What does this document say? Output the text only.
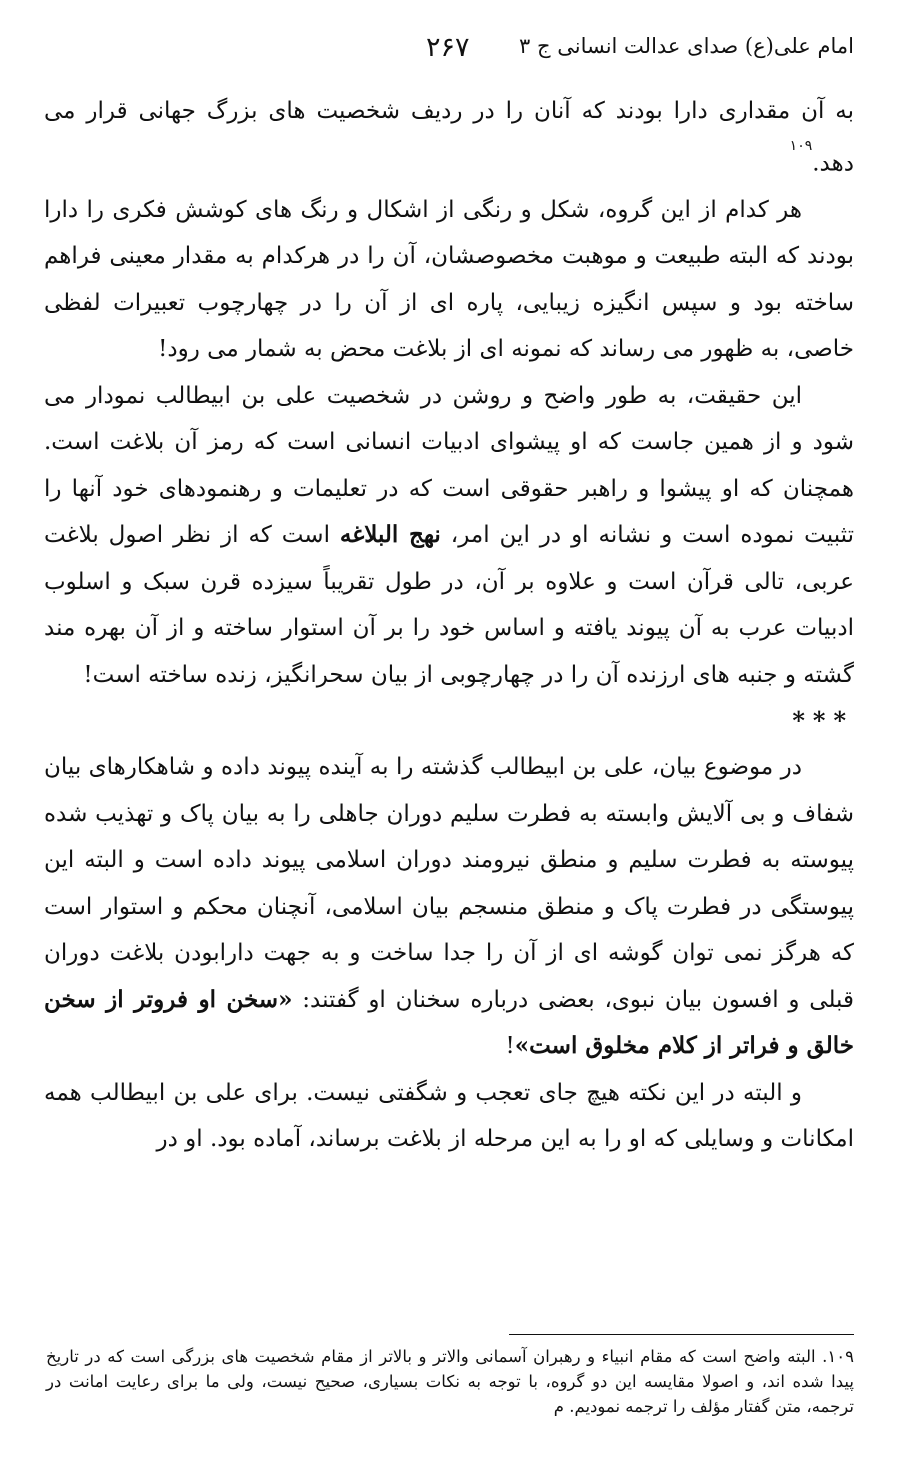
امام علی(ع) صدای عدالت انسانی ج ۳
۲۶۷

به آن مقداری دارا بودند که آنان را در ردیف شخصیت های بزرگ جهانی قرار می دهد.$^{۱۰۹}$

هر کدام از این گروه، شکل و رنگی از اشکال و رنگ های کوشش فکری را دارا بودند که البته طبیعت و موهبت مخصوصشان، آن را در هرکدام به مقدار معینی فراهم ساخته بود و سپس انگیزه زیبایی، پاره ای از آن را در چهارچوب تعبیرات لفظی خاصی، به ظهور می رساند که نمونه ای از بلاغت محض به شمار می رود!

این حقیقت، به طور واضح و روشن در شخصیت علی بن ابیطالب نمودار می شود و از همین جاست که او پیشوای ادبیات انسانی است که رمز آن بلاغت است. همچنان که او پیشوا و راهبر حقوقی است که در تعلیمات و رهنمودهای خود آنها را تثبیت نموده است و نشانه او در این امر، نهج البلاغه است که از نظر اصول بلاغت عربی، تالی قرآن است و علاوه بر آن، در طول تقریباً سیزده قرن سبک و اسلوب ادبیات عرب به آن پیوند یافته و اساس خود را بر آن استوار ساخته و از آن بهره مند گشته و جنبه های ارزنده آن را در چهارچوبی از بیان سحرانگیز، زنده ساخته است!

***

در موضوع بیان، علی بن ابیطالب گذشته را به آینده پیوند داده و شاهکارهای بیان شفاف و بی آلایش وابسته به فطرت سلیم دوران جاهلی را به بیان پاک و تهذیب شده پیوسته به فطرت سلیم و منطق نیرومند دوران اسلامی پیوند داده است و البته این پیوستگی در فطرت پاک و منطق منسجم بیان اسلامی، آنچنان محکم و استوار است که هرگز نمی توان گوشه ای از آن را جدا ساخت و به جهت دارابودن بلاغت دوران قبلی و افسون بیان نبوی، بعضی درباره سخنان او گفتند: «سخن او فروتر از سخن خالق و فراتر از کلام مخلوق است»!

و البته در این نکته هیچ جای تعجب و شگفتی نیست. برای علی بن ابیطالب همه امکانات و وسایلی که او را به این مرحله از بلاغت برساند، آماده بود. او در

۱۰۹. البته واضح است که مقام انبیاء و رهبران آسمانی والاتر و بالاتر از مقام شخصیت های بزرگی است که در تاریخ پیدا شده اند، و اصولا مقایسه این دو گروه، با توجه به نکات بسیاری، صحیح نیست، ولی ما برای رعایت امانت در ترجمه، متن گفتار مؤلف را ترجمه نمودیم. م
